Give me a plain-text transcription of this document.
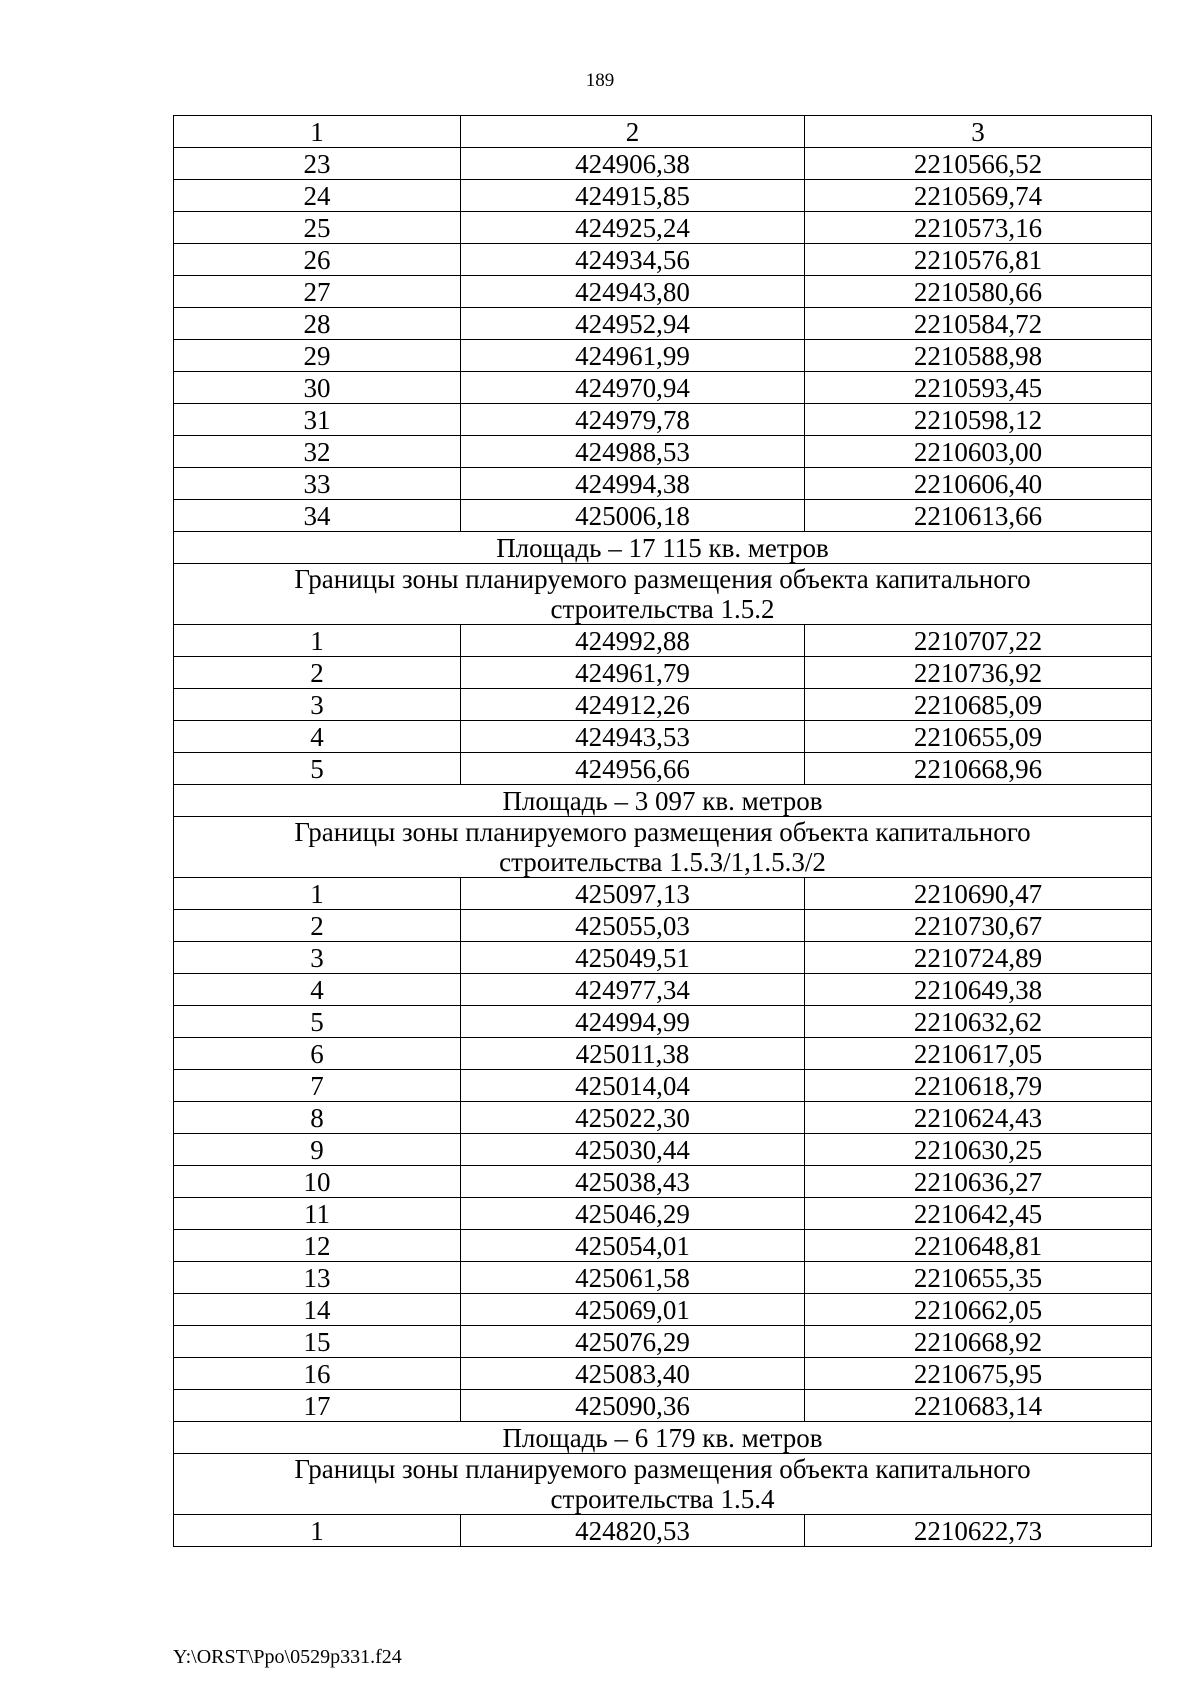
189
1	2	3
23	424906,38	2210566,52
24	424915,85	2210569,74
25	424925,24	2210573,16
26	424934,56	2210576,81
27	424943,80	2210580,66
28	424952,94	2210584,72
29	424961,99	2210588,98
30	424970,94	2210593,45
31	424979,78	2210598,12
32	424988,53	2210603,00
33	424994,38	2210606,40
34	425006,18	2210613,66
Площадь – 17 115 кв. метров		

Границы зоны планируемого размещения объекта капитального
строительства 1.5.2		

1	424992,88	2210707,22
2	424961,79	2210736,92
3	424912,26	2210685,09
4	424943,53	2210655,09
5	424956,66	2210668,96
Площадь – 3 097 кв. метров		

Границы зоны планируемого размещения объекта капитального
строительства 1.5.3/1,1.5.3/2		

1	425097,13	2210690,47
2	425055,03	2210730,67
3	425049,51	2210724,89
4	424977,34	2210649,38
5	424994,99	2210632,62
6	425011,38	2210617,05
7	425014,04	2210618,79
8	425022,30	2210624,43
9	425030,44	2210630,25
10	425038,43	2210636,27
11	425046,29	2210642,45
12	425054,01	2210648,81
13	425061,58	2210655,35
14	425069,01	2210662,05
15	425076,29	2210668,92
16	425083,40	2210675,95
17	425090,36	2210683,14
Площадь – 6 179 кв. метров		

Границы зоны планируемого размещения объекта капитального
строительства 1.5.4		

1	424820,53	2210622,73
Y:\ORST\Ppo\0529p331.f24
